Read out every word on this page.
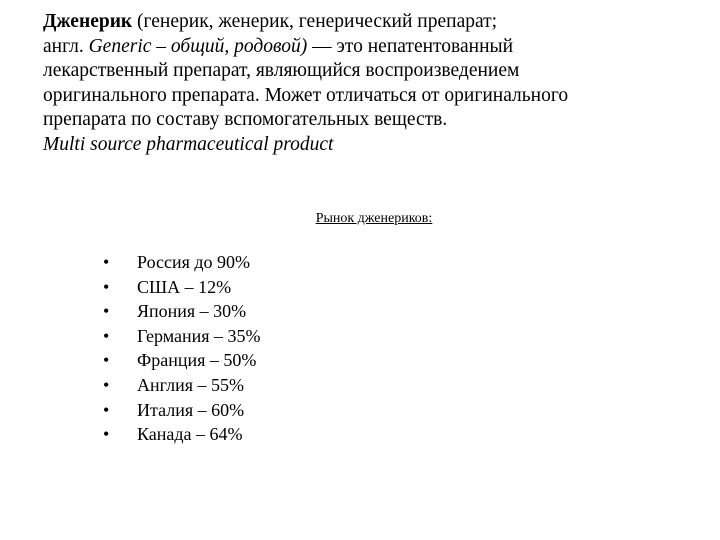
Дженерик (генерик, женерик, генерический препарат;
англ. Generic – общий, родовой) — это непатентованный
лекарственный препарат, являющийся воспроизведением
оригинального препарата. Может отличаться от оригинального
препарата по составу вспомогательных веществ.
Multi source pharmaceutical product
Рынок дженериков:
•	Россия до 90%
•	США – 12%
•	Япония – 30%
•	Германия – 35%
•	Франция – 50%
•	Англия – 55%
•	Италия – 60%
•	Канада – 64%
